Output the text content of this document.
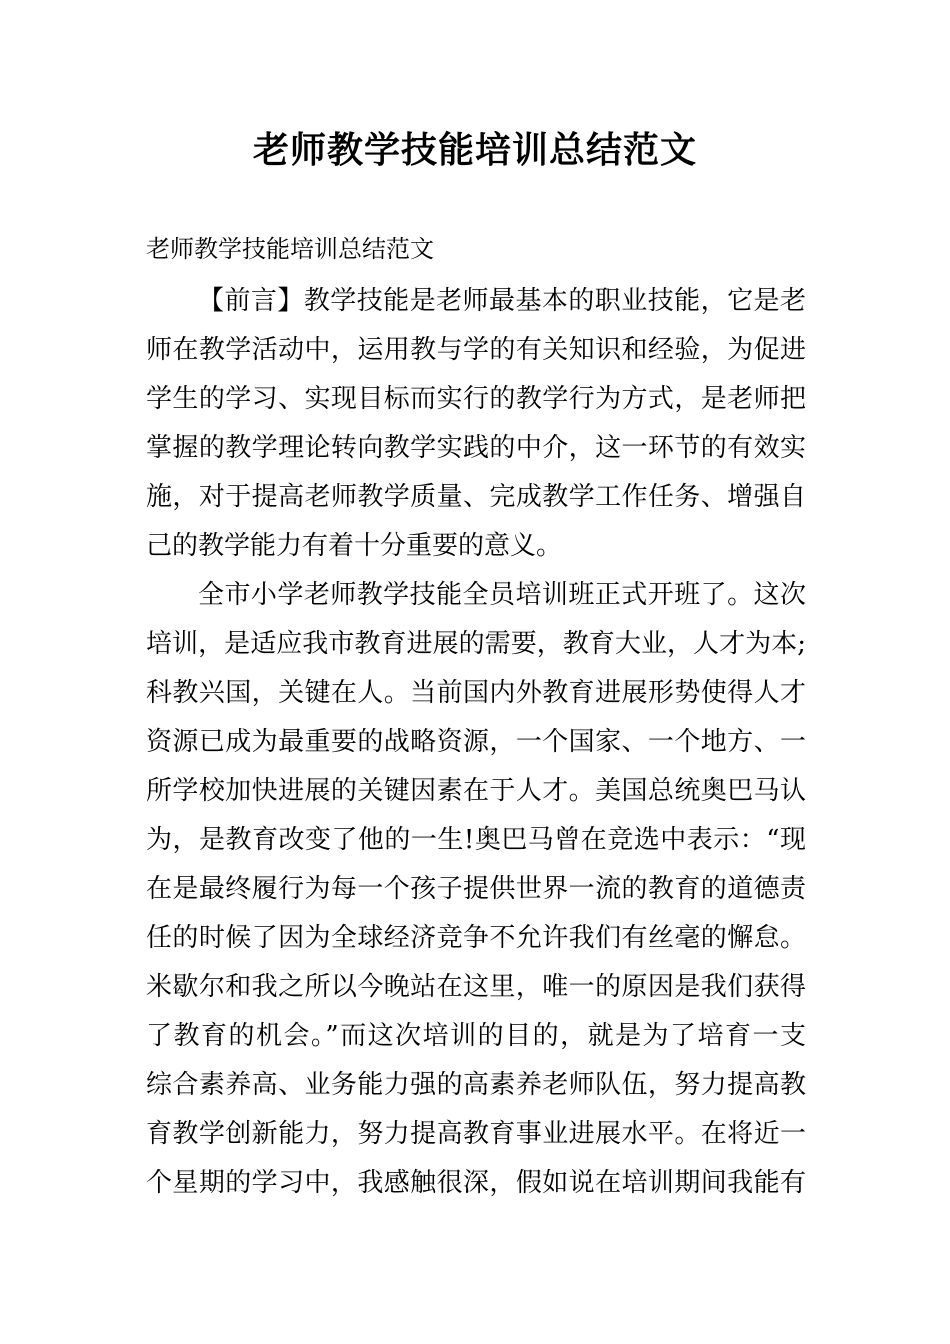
老师教学技能培训总结范文
老师教学技能培训总结范文
【前言】教学技能是老师最基本的职业技能，它是老
师在教学活动中，运用教与学的有关知识和经验，为促进
学生的学习、实现目标而实行的教学行为方式，是老师把
掌握的教学理论转向教学实践的中介，这一环节的有效实
施，对于提高老师教学质量、完成教学工作任务、增强自
己的教学能力有着十分重要的意义。
全市小学老师教学技能全员培训班正式开班了。这次
培训，是适应我市教育进展的需要，教育大业，人才为本;
科教兴国，关键在人。当前国内外教育进展形势使得人才
资源已成为最重要的战略资源，一个国家、一个地方、一
所学校加快进展的关键因素在于人才。美国总统奥巴马认
为，是教育改变了他的一生!奥巴马曾在竞选中表示：“现
在是最终履行为每一个孩子提供世界一流的教育的道德责
任的时候了因为全球经济竞争不允许我们有丝毫的懈怠。
米歇尔和我之所以今晚站在这里，唯一的原因是我们获得
了教育的机会。”而这次培训的目的，就是为了培育一支
综合素养高、业务能力强的高素养老师队伍，努力提高教
育教学创新能力，努力提高教育事业进展水平。在将近一
个星期的学习中，我感触很深，假如说在培训期间我能有
